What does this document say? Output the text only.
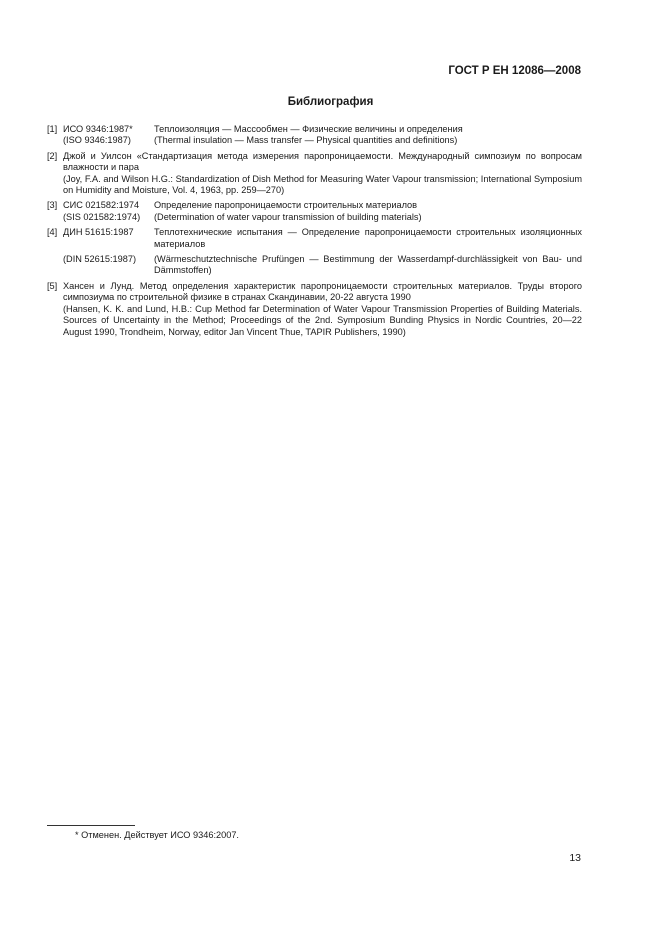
ГОСТ Р ЕН 12086—2008
Библиография
[1] ИСО 9346:1987*	Теплоизоляция — Массообмен — Физические величины и определения
(ISO 9346:1987)	(Thermal insulation — Mass transfer — Physical quantities and definitions)
[2] Джой и Уилсон «Стандартизация метода измерения паропроницаемости. Международный симпозиум по вопросам влажности и пара
(Joy, F.A. and Wilson H.G.: Standardization of Dish Method for Measuring Water Vapour transmission; International Symposium on Humidity and Moisture, Vol. 4, 1963, pp. 259—270)
[3] СИС 021582:1974	Определение паропроницаемости строительных материалов
(SIS 021582:1974)	(Determination of water vapour transmission of building materials)
[4] ДИН 51615:1987	Теплотехнические испытания — Определение паропроницаемости строительных изоляционных материалов
(DIN 52615:1987)	(Wärmeschutztechnische Prufüngen — Bestimmung der Wasserdampf-durchlässigkeit von Bau- und Dämmstoffen)
[5] Хансен и Лунд. Метод определения характеристик паропроницаемости строительных материалов. Труды второго симпозиума по строительной физике в странах Скандинавии, 20-22 августа 1990
(Hansen, K. K. and Lund, H.B.: Cup Method far Determination of Water Vapour Transmission Properties of Building Materials. Sources of Uncertainty in the Method; Proceedings of the 2nd. Symposium Bunding Physics in Nordic Countries, 20—22 August 1990, Trondheim, Norway, editor Jan Vincent Thue, TAPIR Publishers, 1990)
* Отменен. Действует ИСО 9346:2007.
13
